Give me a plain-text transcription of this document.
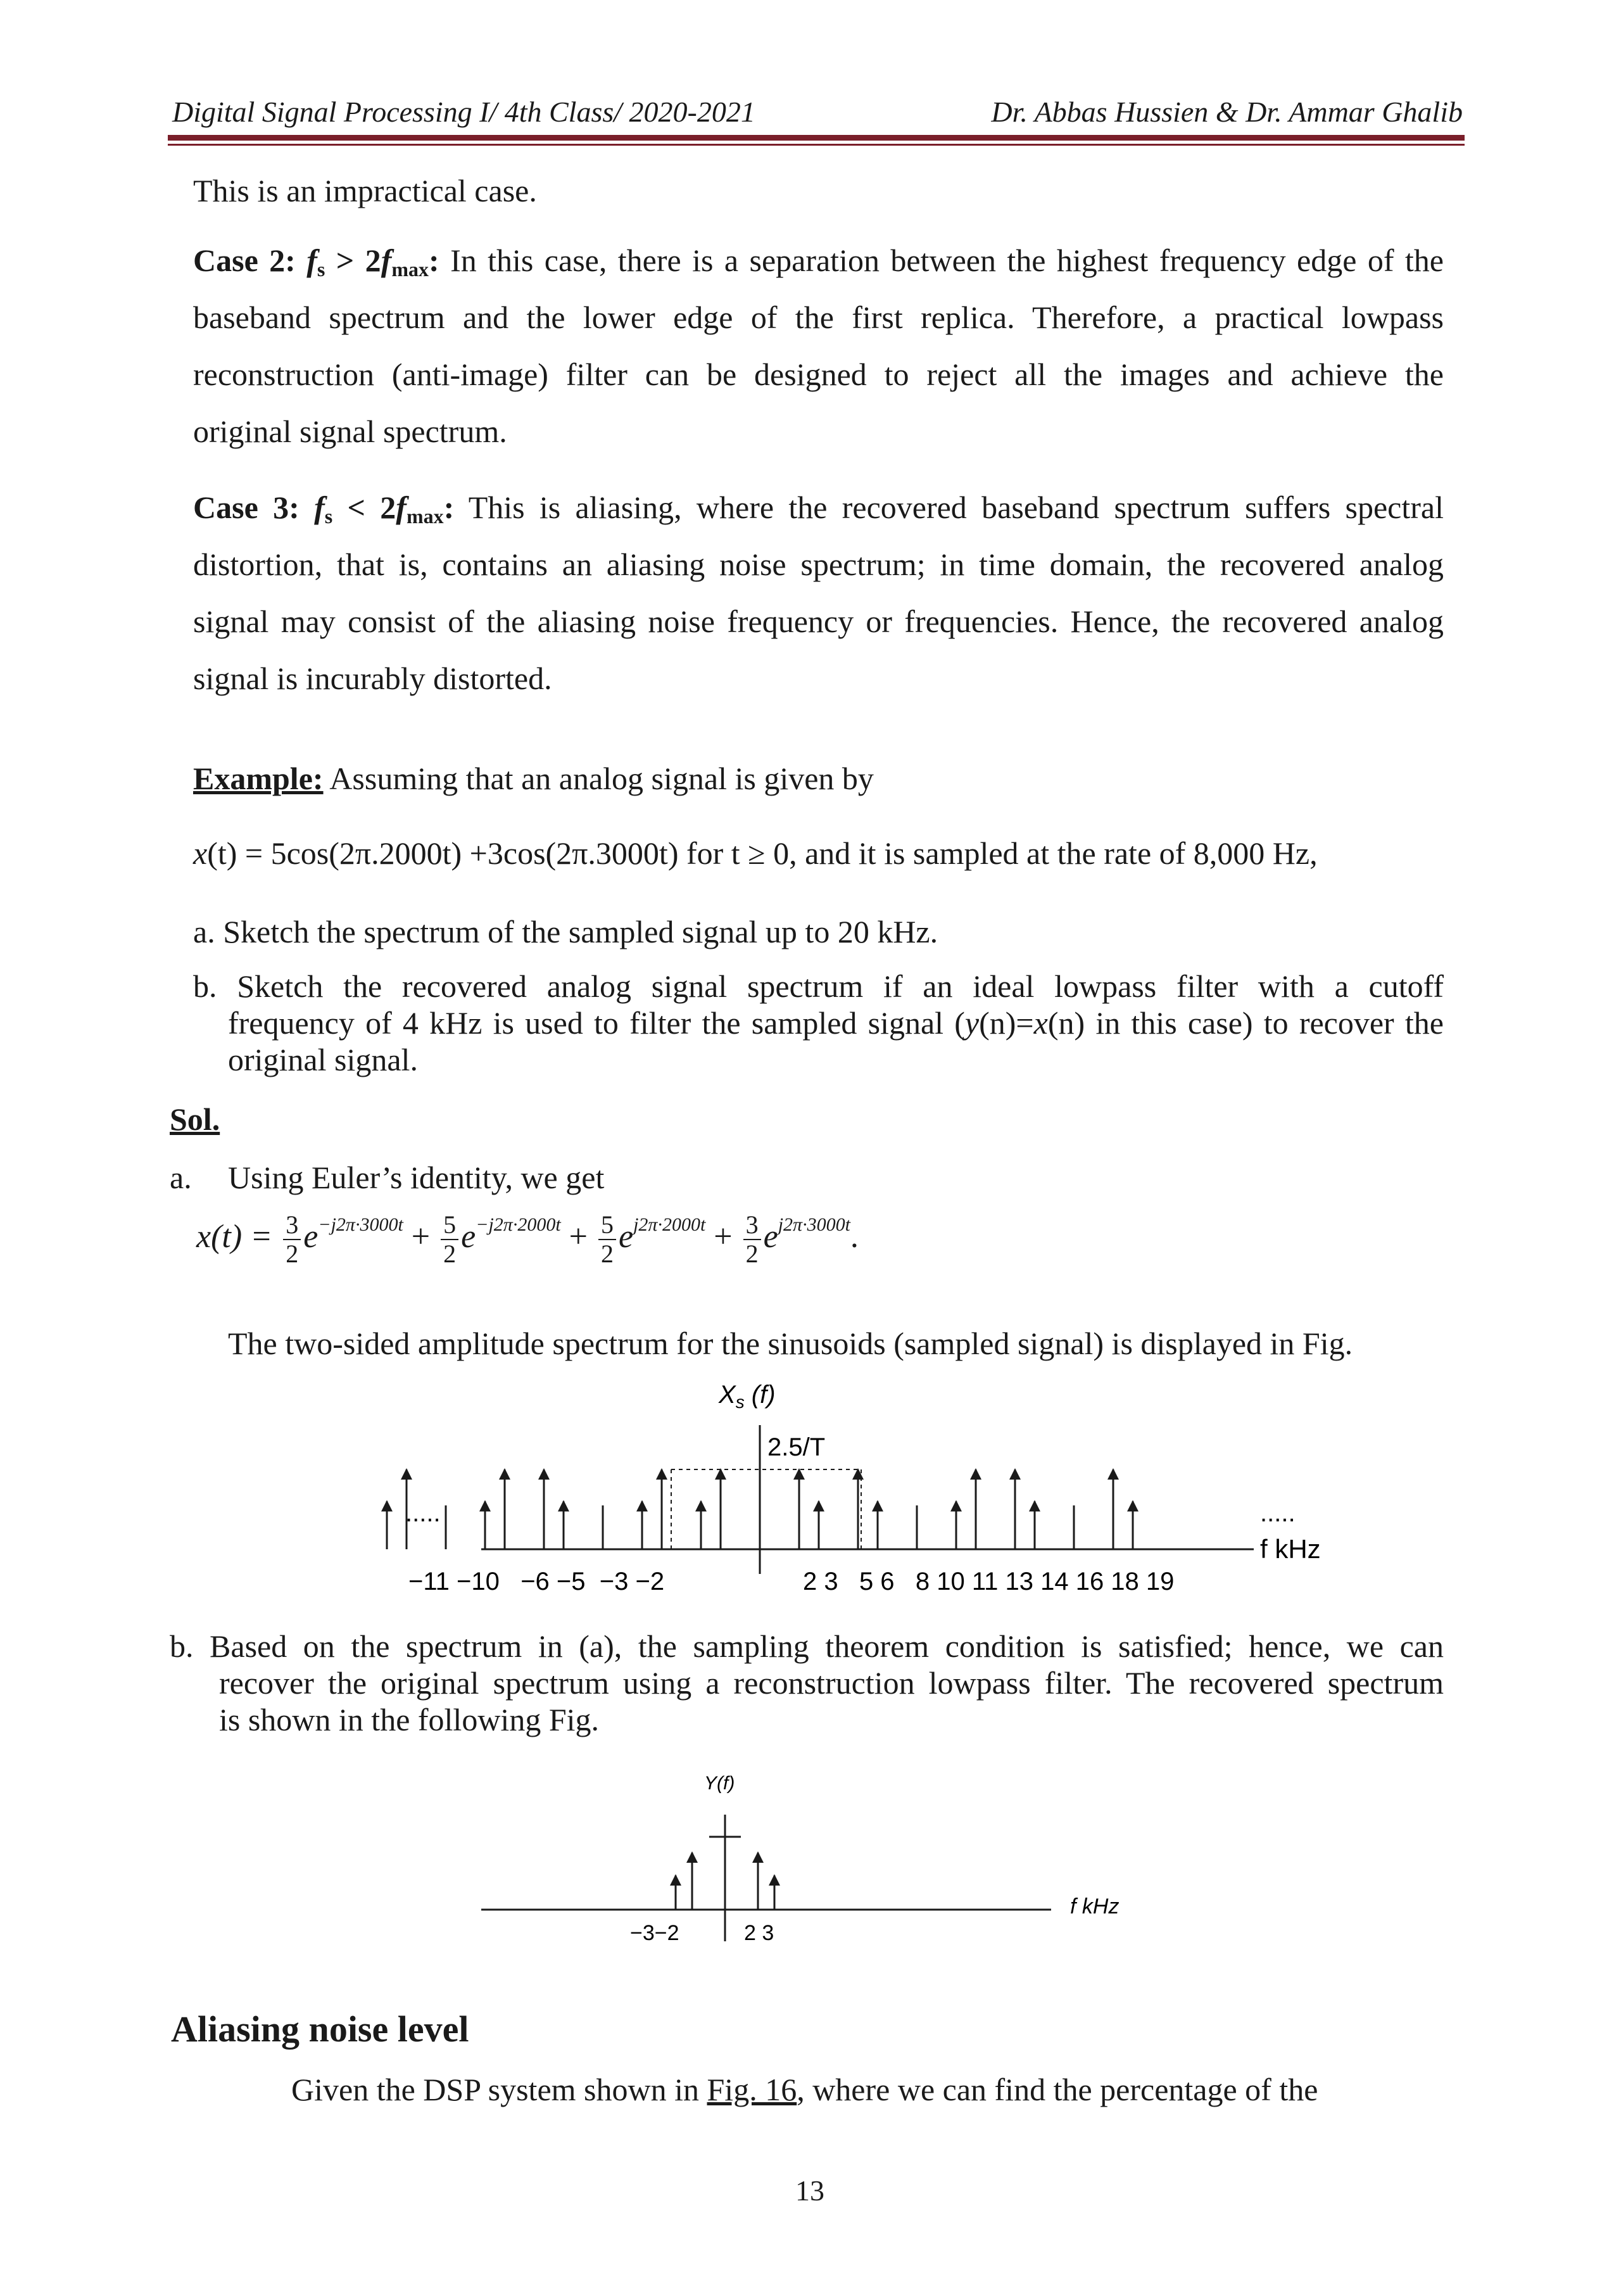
Digital Signal Processing I/ 4th Class/ 2020-2021	Dr. Abbas Hussien & Dr. Ammar Ghalib
This is an impractical case.
Case 2: $f_s > 2f_{max}$: In this case, there is a separation between the highest frequency edge of the
baseband spectrum and the lower edge of the first replica. Therefore, a practical lowpass
reconstruction (anti-image) filter can be designed to reject all the images and achieve the
original signal spectrum.
Case 3: $f_s < 2f_{max}$: This is aliasing, where the recovered baseband spectrum suffers spectral
distortion, that is, contains an aliasing noise spectrum; in time domain, the recovered analog
signal may consist of the aliasing noise frequency or frequencies. Hence, the recovered analog
signal is incurably distorted.
Example: Assuming that an analog signal is given by
x(t) = 5cos(2π.2000t) +3cos(2π.3000t) for t ≥ 0, and it is sampled at the rate of 8,000 Hz,
a. Sketch the spectrum of the sampled signal up to 20 kHz.
b. Sketch the recovered analog signal spectrum if an ideal lowpass filter with a cutoff
frequency of 4 kHz is used to filter the sampled signal (y(n)=x(n) in this case) to recover the
original signal.
Sol.
a. Using Euler’s identity, we get
$x(t) = \frac{3}{2} e^{-j2\pi\cdot 3000t} + \frac{5}{2} e^{-j2\pi\cdot 2000t} + \frac{5}{2} e^{j2\pi\cdot 2000t} + \frac{3}{2} e^{j2\pi\cdot 3000t}$.
The two-sided amplitude spectrum for the sinusoids (sampled signal) is displayed in Fig.
$X_s$ (f)
2.5/T
.....	.....
f kHz
−11 −10   −6 −5  −3 −2	2 3   5 6   8 10 11 13 14 16 18 19
b. Based on the spectrum in (a), the sampling theorem condition is satisfied; hence, we can
recover the original spectrum using a reconstruction lowpass filter. The recovered spectrum
is shown in the following Fig.
Y(f)
f kHz
−3−2	2 3
Aliasing noise level
Given the DSP system shown in Fig. 16, where we can find the percentage of the
13
